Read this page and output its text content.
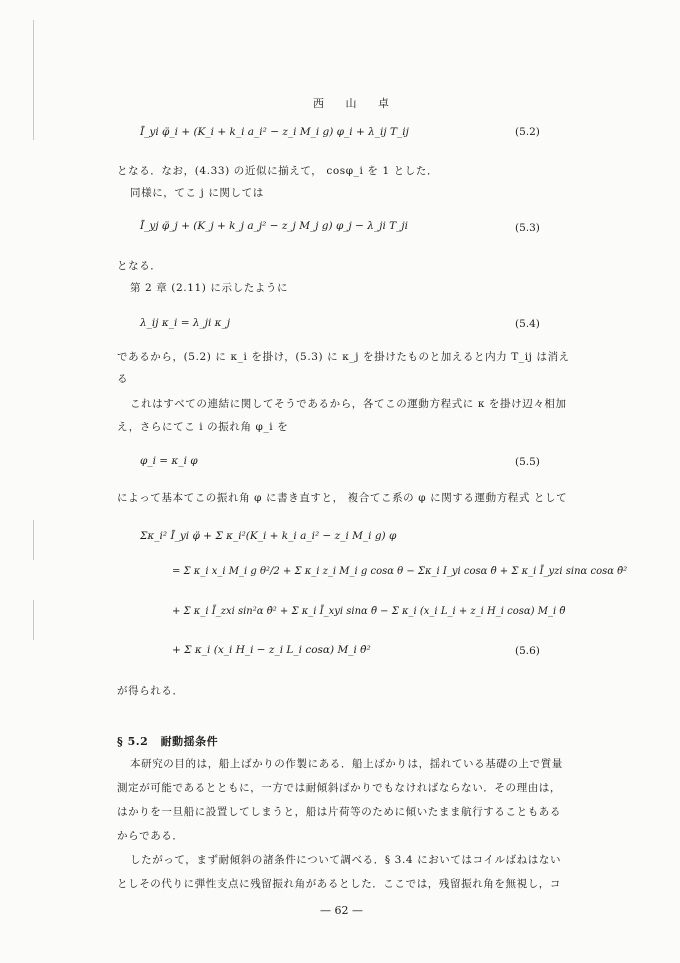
西 山 卓
Ī_yi φ̈_i + (K_i + k_i a_i² − z_i M_i g) φ_i + λ_ij T_ij	(5.2)
となる．なお，(4.33) の近似に揃えて， cosφ_i を 1 とした．
同様に，てこ j に関しては
Ī_yj φ̈_j + (K_j + k_j a_j² − z_j M_j g) φ_j − λ_ji T_ji	(5.3)
となる．
第 2 章 (2.11) に示したように
λ_ij κ_i = λ_ji κ_j	(5.4)
であるから，(5.2) に κ_i を掛け，(5.3) に κ_j を掛けたものと加えると内力 T_ij は消え
る
これはすべての連結に関してそうであるから，各てこの運動方程式に κ を掛け辺々相加
え，さらにてこ i の振れ角 φ_i を
φ_i = κ_i φ	(5.5)
によって基本てこの振れ角 φ に書き直すと， 複合てこ系の φ に関する運動方程式 として
Σκ_i² Ī_yi φ̈ + Σ κ_i²(K_i + k_i a_i² − z_i M_i g) φ
= Σ κ_i x_i M_i g θ²/2 + Σ κ_i z_i M_i g cosα θ − Σκ_i I_yi cosα θ̈ + Σ κ_i Ī_yzi sinα cosα θ̇²
+ Σ κ_i Ī_zxi sin²α θ̇² + Σ κ_i Ī_xyi sinα θ̈ − Σ κ_i (x_i L_i + z_i H_i cosα) M_i θ̈
+ Σ κ_i (x_i H_i − z_i L_i cosα) M_i θ̇²	(5.6)
が得られる．
§ 5.2 耐動揺条件
本研究の目的は，船上ばかりの作製にある．船上ばかりは，揺れている基礎の上で質量
測定が可能であるとともに，一方では耐傾斜ばかりでもなければならない．その理由は，
はかりを一旦船に設置してしまうと，船は片荷等のために傾いたまま航行することもある
からである．
したがって，まず耐傾斜の諸条件について調べる．§ 3.4 においてはコイルばねはない
としその代りに弾性支点に残留振れ角があるとした．ここでは，残留振れ角を無視し，コ
— 62 —
